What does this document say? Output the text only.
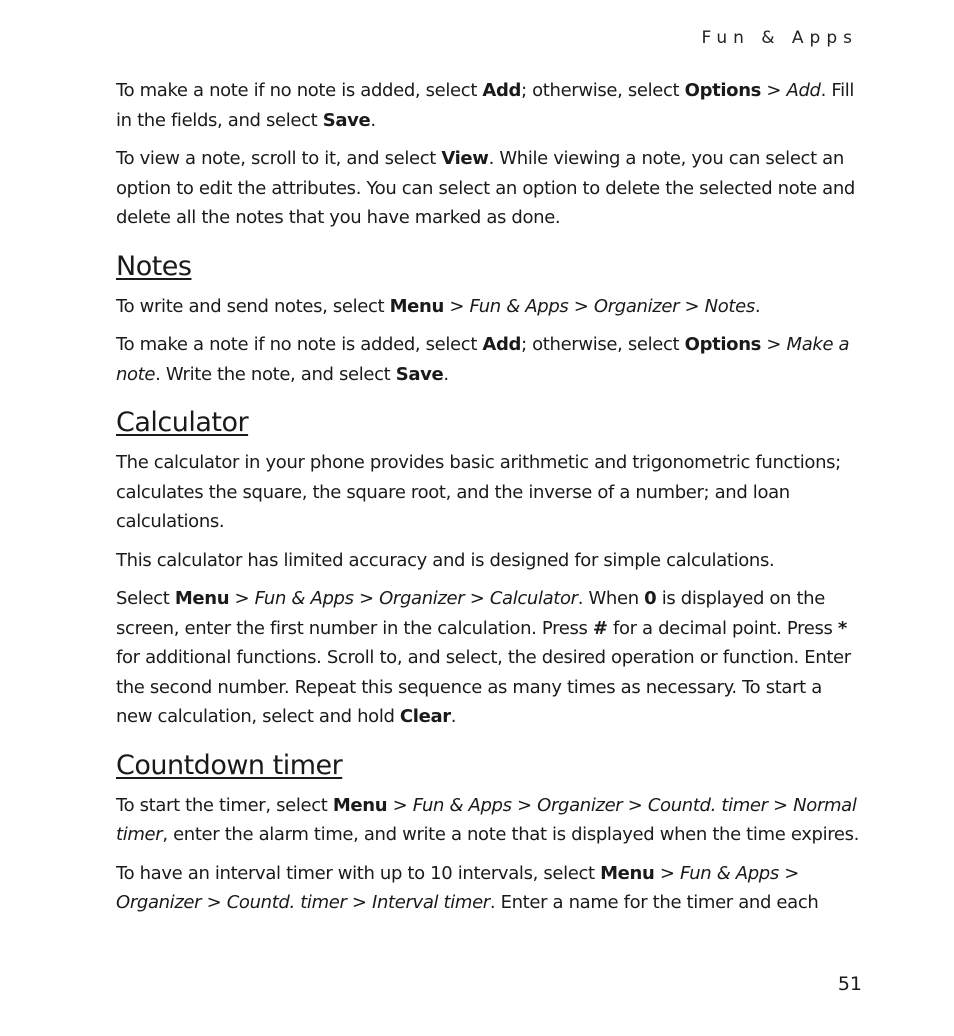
Fun & Apps

To make a note if no note is added, select Add; otherwise, select Options > Add. Fill in the fields, and select Save.

To view a note, scroll to it, and select View. While viewing a note, you can select an option to edit the attributes. You can select an option to delete the selected note and delete all the notes that you have marked as done.

Notes

To write and send notes, select Menu > Fun & Apps > Organizer > Notes.

To make a note if no note is added, select Add; otherwise, select Options > Make a note. Write the note, and select Save.

Calculator

The calculator in your phone provides basic arithmetic and trigonometric functions; calculates the square, the square root, and the inverse of a number; and loan calculations.

This calculator has limited accuracy and is designed for simple calculations.

Select Menu > Fun & Apps > Organizer > Calculator. When 0 is displayed on the screen, enter the first number in the calculation. Press # for a decimal point. Press * for additional functions. Scroll to, and select, the desired operation or function. Enter the second number. Repeat this sequence as many times as necessary. To start a new calculation, select and hold Clear.

Countdown timer

To start the timer, select Menu > Fun & Apps > Organizer > Countd. timer > Normal timer, enter the alarm time, and write a note that is displayed when the time expires.

To have an interval timer with up to 10 intervals, select Menu > Fun & Apps > Organizer > Countd. timer > Interval timer. Enter a name for the timer and each

51
